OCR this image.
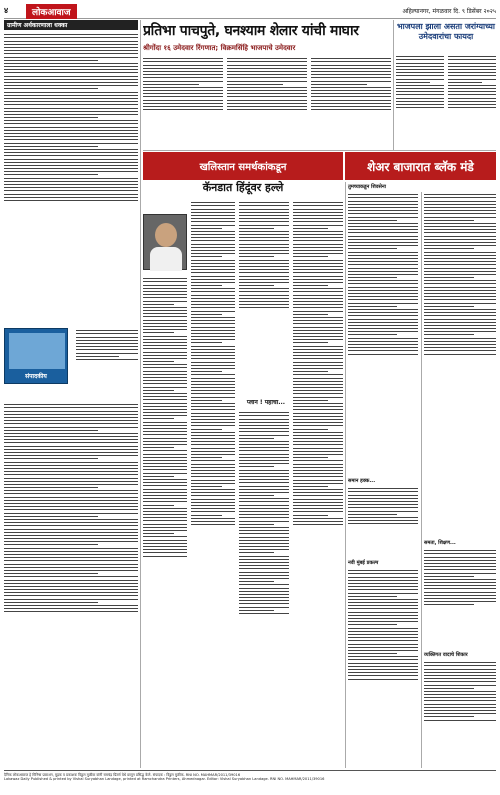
४	लोकआवाज	अहिल्यानगर, मंगळवार दि. ९ डिसेंबर २०२५
ग्रामीण अर्थकारणाला धक्का
संपादकीय
प्रतिभा पाचपुते, घनश्याम शेलार यांची माघार
श्रीगोंदा १६ उमेदवार रिंगणात; विक्रमसिंहि भाजपाचे उमेदवार
भाजपला झाला असता जरांग्याच्या उमेदवारांचा फायदा
खलिस्तान समर्थकांकडून	शेअर बाजारात ब्लॅक मंडे
कॅनडात हिंदूंवर हल्ले
प्लान ! पहाचा...
तुमच्याकडून शिवसेना
समान हक्क...
नवी मुंबई प्रकल्प
समता, शिक्षण...
व्यक्तिगत वादाचे शिकार
दैनिक लोकआवाज हे मिनिषा प्रकाशन, मुद्रक व प्रकाशक विठ्ठल मुळीक यांनी रामचंद्र प्रिंटर्स येथे छापून प्रसिद्ध केले. संपादक : विठ्ठल मुळीक. RNI NO. MAHMAR/2011/39016
Lokawaz Daily Published & printed by Vishal Suryabhan Landage, printed at Ramchandra Printers, Ahmednagar. Editor: Vishal Suryabhan Landage. RNI NO. MAHMAR/2011/39016
